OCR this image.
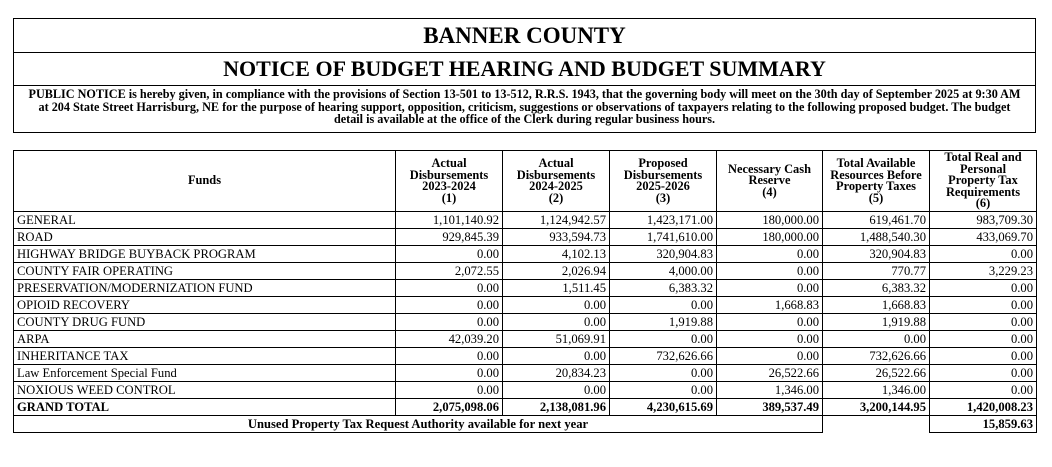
BANNER COUNTY
NOTICE OF BUDGET HEARING AND BUDGET SUMMARY
PUBLIC NOTICE is hereby given, in compliance with the provisions of Section 13-501 to 13-512, R.R.S. 1943, that the governing body will meet on the 30th day of September 2025 at 9:30 AM at 204 State Street Harrisburg, NE for the purpose of hearing support, opposition, criticism, suggestions or observations of taxpayers relating to the following proposed budget. The budget detail is available at the office of the Clerk during regular business hours.
Funds	Actual
Disbursements
2023-2024
(1)	Actual
Disbursements
2024-2025
(2)	Proposed
Disbursements
2025-2026
(3)	Necessary Cash
Reserve
(4)	Total Available
Resources Before
Property Taxes
(5)	Total Real and
Personal
Property Tax
Requirements
(6)
GENERAL	1,101,140.92	1,124,942.57	1,423,171.00	180,000.00	619,461.70	983,709.30
ROAD	929,845.39	933,594.73	1,741,610.00	180,000.00	1,488,540.30	433,069.70
HIGHWAY BRIDGE BUYBACK PROGRAM	0.00	4,102.13	320,904.83	0.00	320,904.83	0.00
COUNTY FAIR OPERATING	2,072.55	2,026.94	4,000.00	0.00	770.77	3,229.23
PRESERVATION/MODERNIZATION FUND	0.00	1,511.45	6,383.32	0.00	6,383.32	0.00
OPIOID RECOVERY	0.00	0.00	0.00	1,668.83	1,668.83	0.00
COUNTY DRUG FUND	0.00	0.00	1,919.88	0.00	1,919.88	0.00
ARPA	42,039.20	51,069.91	0.00	0.00	0.00	0.00
INHERITANCE TAX	0.00	0.00	732,626.66	0.00	732,626.66	0.00
Law Enforcement Special Fund	0.00	20,834.23	0.00	26,522.66	26,522.66	0.00
NOXIOUS WEED CONTROL	0.00	0.00	0.00	1,346.00	1,346.00	0.00
GRAND TOTAL	2,075,098.06	2,138,081.96	4,230,615.69	389,537.49	3,200,144.95	1,420,008.23
Unused Property Tax Request Authority available for next year						15,859.63
